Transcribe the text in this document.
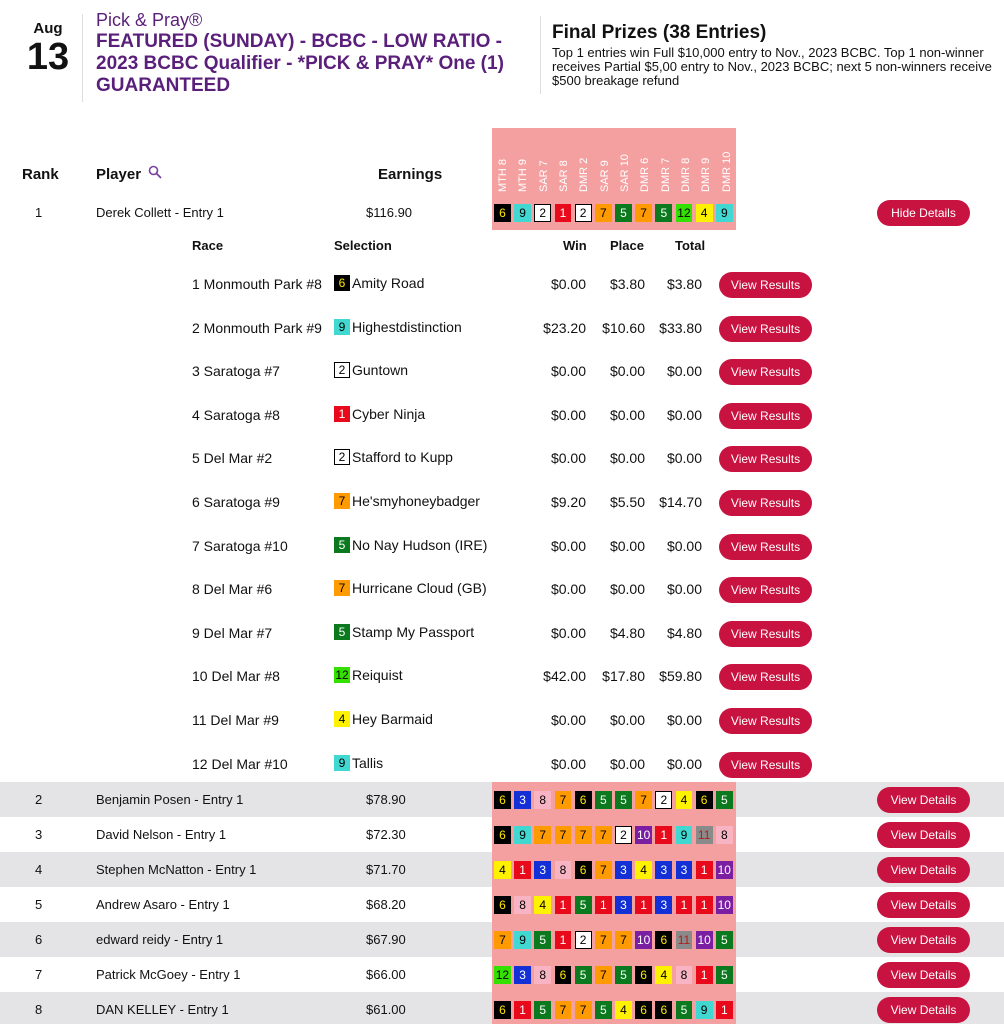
Aug
13
Pick & Pray®
FEATURED (SUNDAY) - BCBC - LOW RATIO - 2023 BCBC Qualifier - *PICK & PRAY* One (1) GUARANTEED
Final Prizes (38 Entries)
Top 1 entries win Full $10,000 entry to Nov., 2023 BCBC. Top 1 non-winner receives Partial $5,00 entry to Nov., 2023 BCBC; next 5 non-winners receive $500 breakage refund
MTH 8 MTH 9 SAR 7 SAR 8 DMR 2 SAR 9 SAR 10 DMR 6 DMR 7 DMR 8 DMR 9 DMR 10
Rank Player	Earnings
Race	Selection	Win Place Total
1	Derek Collett - Entry 1	$116.90	6	9	2	1	2	7	5	7	5 12 4	9	Hide Details
2	Benjamin Posen - Entry 1	$78.90	6	3	8	7	6	5	5	7	2	4	6	5	View Details
3	David Nelson - Entry 1	$72.30	6	9	7	7	7	7	2 10 1	9 11 8	View Details
4	Stephen McNatton - Entry 1	$71.70	4	1	3	8	6	7	3	4	3	3	1 10	View Details
5	Andrew Asaro - Entry 1	$68.20	6	8	4	1	5	1	3	1	3	1	1 10	View Details
6	edward reidy - Entry 1	$67.90	7	9	5	1	2	7	7 10 6 11 10 5	View Details
7	Patrick McGoey - Entry 1	$66.00	12 3	8	6	5	7	5	6	4	8	1	5	View Details
8	DAN KELLEY - Entry 1	$61.00	6	1	5	7	7	5	4	6	6	5	9	1	View Details
1 Monmouth Park #8	6 Amity Road	$0.00	$3.80	$3.80	View Results
2 Monmouth Park #9	9 Highestdistinction	$23.20	$10.60	$33.80	View Results
3 Saratoga #7	2 Guntown	$0.00	$0.00	$0.00	View Results
4 Saratoga #8	1 Cyber Ninja	$0.00	$0.00	$0.00	View Results
5 Del Mar #2	2 Stafford to Kupp	$0.00	$0.00	$0.00	View Results
6 Saratoga #9	7 He'smyhoneybadger	$9.20	$5.50	$14.70	View Results
7 Saratoga #10	5 No Nay Hudson (IRE)	$0.00	$0.00	$0.00	View Results
8 Del Mar #6	7 Hurricane Cloud (GB)	$0.00	$0.00	$0.00	View Results
9 Del Mar #7	5 Stamp My Passport	$0.00	$4.80	$4.80	View Results
10 Del Mar #8	12 Reiquist	$42.00	$17.80	$59.80	View Results
11 Del Mar #9	4 Hey Barmaid	$0.00	$0.00	$0.00	View Results
12 Del Mar #10	9 Tallis	$0.00	$0.00	$0.00	View Results
